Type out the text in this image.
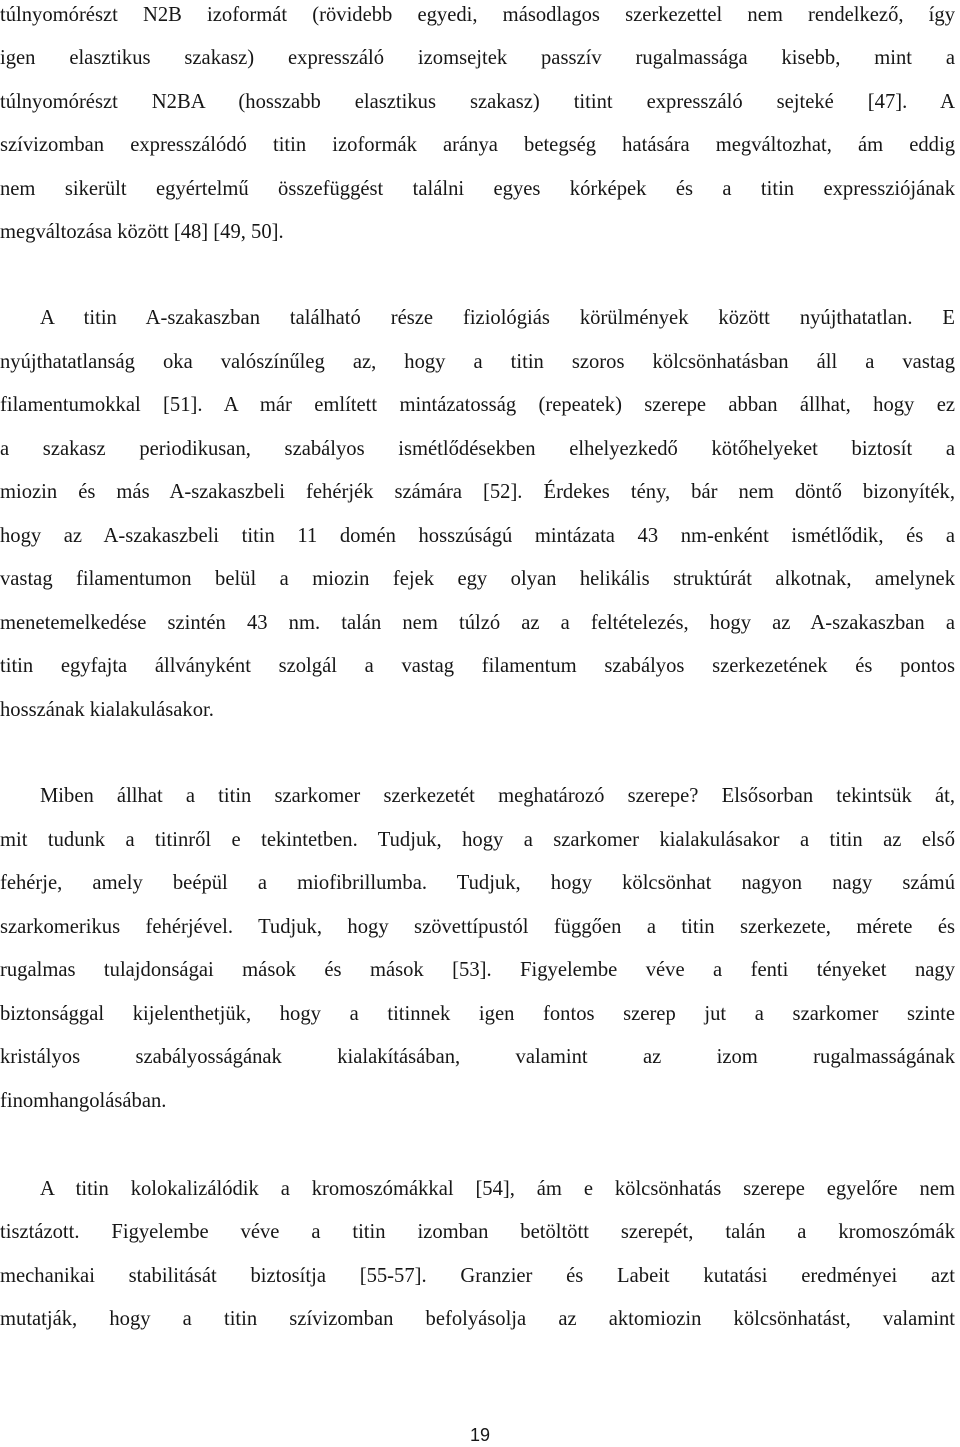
túlnyomórészt N2B izoformát (rövidebb egyedi, másodlagos szerkezettel nem rendelkező, így
igen elasztikus szakasz) expresszáló izomsejtek passzív rugalmassága kisebb, mint a
túlnyomórészt N2BA (hosszabb elasztikus szakasz) titint expresszáló sejteké [47]. A
szívizomban expresszálódó titin izoformák aránya betegség hatására megváltozhat, ám eddig
nem sikerült egyértelmű összefüggést találni egyes kórképek és a titin expressziójának
megváltozása között [48] [49, 50].
A titin A-szakaszban található része fiziológiás körülmények között nyújthatatlan. E
nyújthatatlanság oka valószínűleg az, hogy a titin szoros kölcsönhatásban áll a vastag
filamentumokkal [51]. A már említett mintázatosság (repeatek) szerepe abban állhat, hogy ez
a szakasz periodikusan, szabályos ismétlődésekben elhelyezkedő kötőhelyeket biztosít a
miozin és más A-szakaszbeli fehérjék számára [52]. Érdekes tény, bár nem döntő bizonyíték,
hogy az A-szakaszbeli titin 11 domén hosszúságú mintázata 43 nm-enként ismétlődik, és a
vastag filamentumon belül a miozin fejek egy olyan helikális struktúrát alkotnak, amelynek
menetemelkedése szintén 43 nm. talán nem túlzó az a feltételezés, hogy az A-szakaszban a
titin egyfajta állványként szolgál a vastag filamentum szabályos szerkezetének és pontos
hosszának kialakulásakor.
Miben állhat a titin szarkomer szerkezetét meghatározó szerepe? Elsősorban tekintsük át,
mit tudunk a titinről e tekintetben. Tudjuk, hogy a szarkomer kialakulásakor a titin az első
fehérje, amely beépül a miofibrillumba. Tudjuk, hogy kölcsönhat nagyon nagy számú
szarkomerikus fehérjével. Tudjuk, hogy szövettípustól függően a titin szerkezete, mérete és
rugalmas tulajdonságai mások és mások [53]. Figyelembe véve a fenti tényeket nagy
biztonsággal kijelenthetjük, hogy a titinnek igen fontos szerep jut a szarkomer szinte
kristályos szabályosságának kialakításában, valamint az izom rugalmasságának
finomhangolásában.
A titin kolokalizálódik a kromoszómákkal [54], ám e kölcsönhatás szerepe egyelőre nem
tisztázott. Figyelembe véve a titin izomban betöltött szerepét, talán a kromoszómák
mechanikai stabilitását biztosítja [55-57]. Granzier és Labeit kutatási eredményei azt
mutatják, hogy a titin szívizomban befolyásolja az aktomiozin kölcsönhatást, valamint
19
